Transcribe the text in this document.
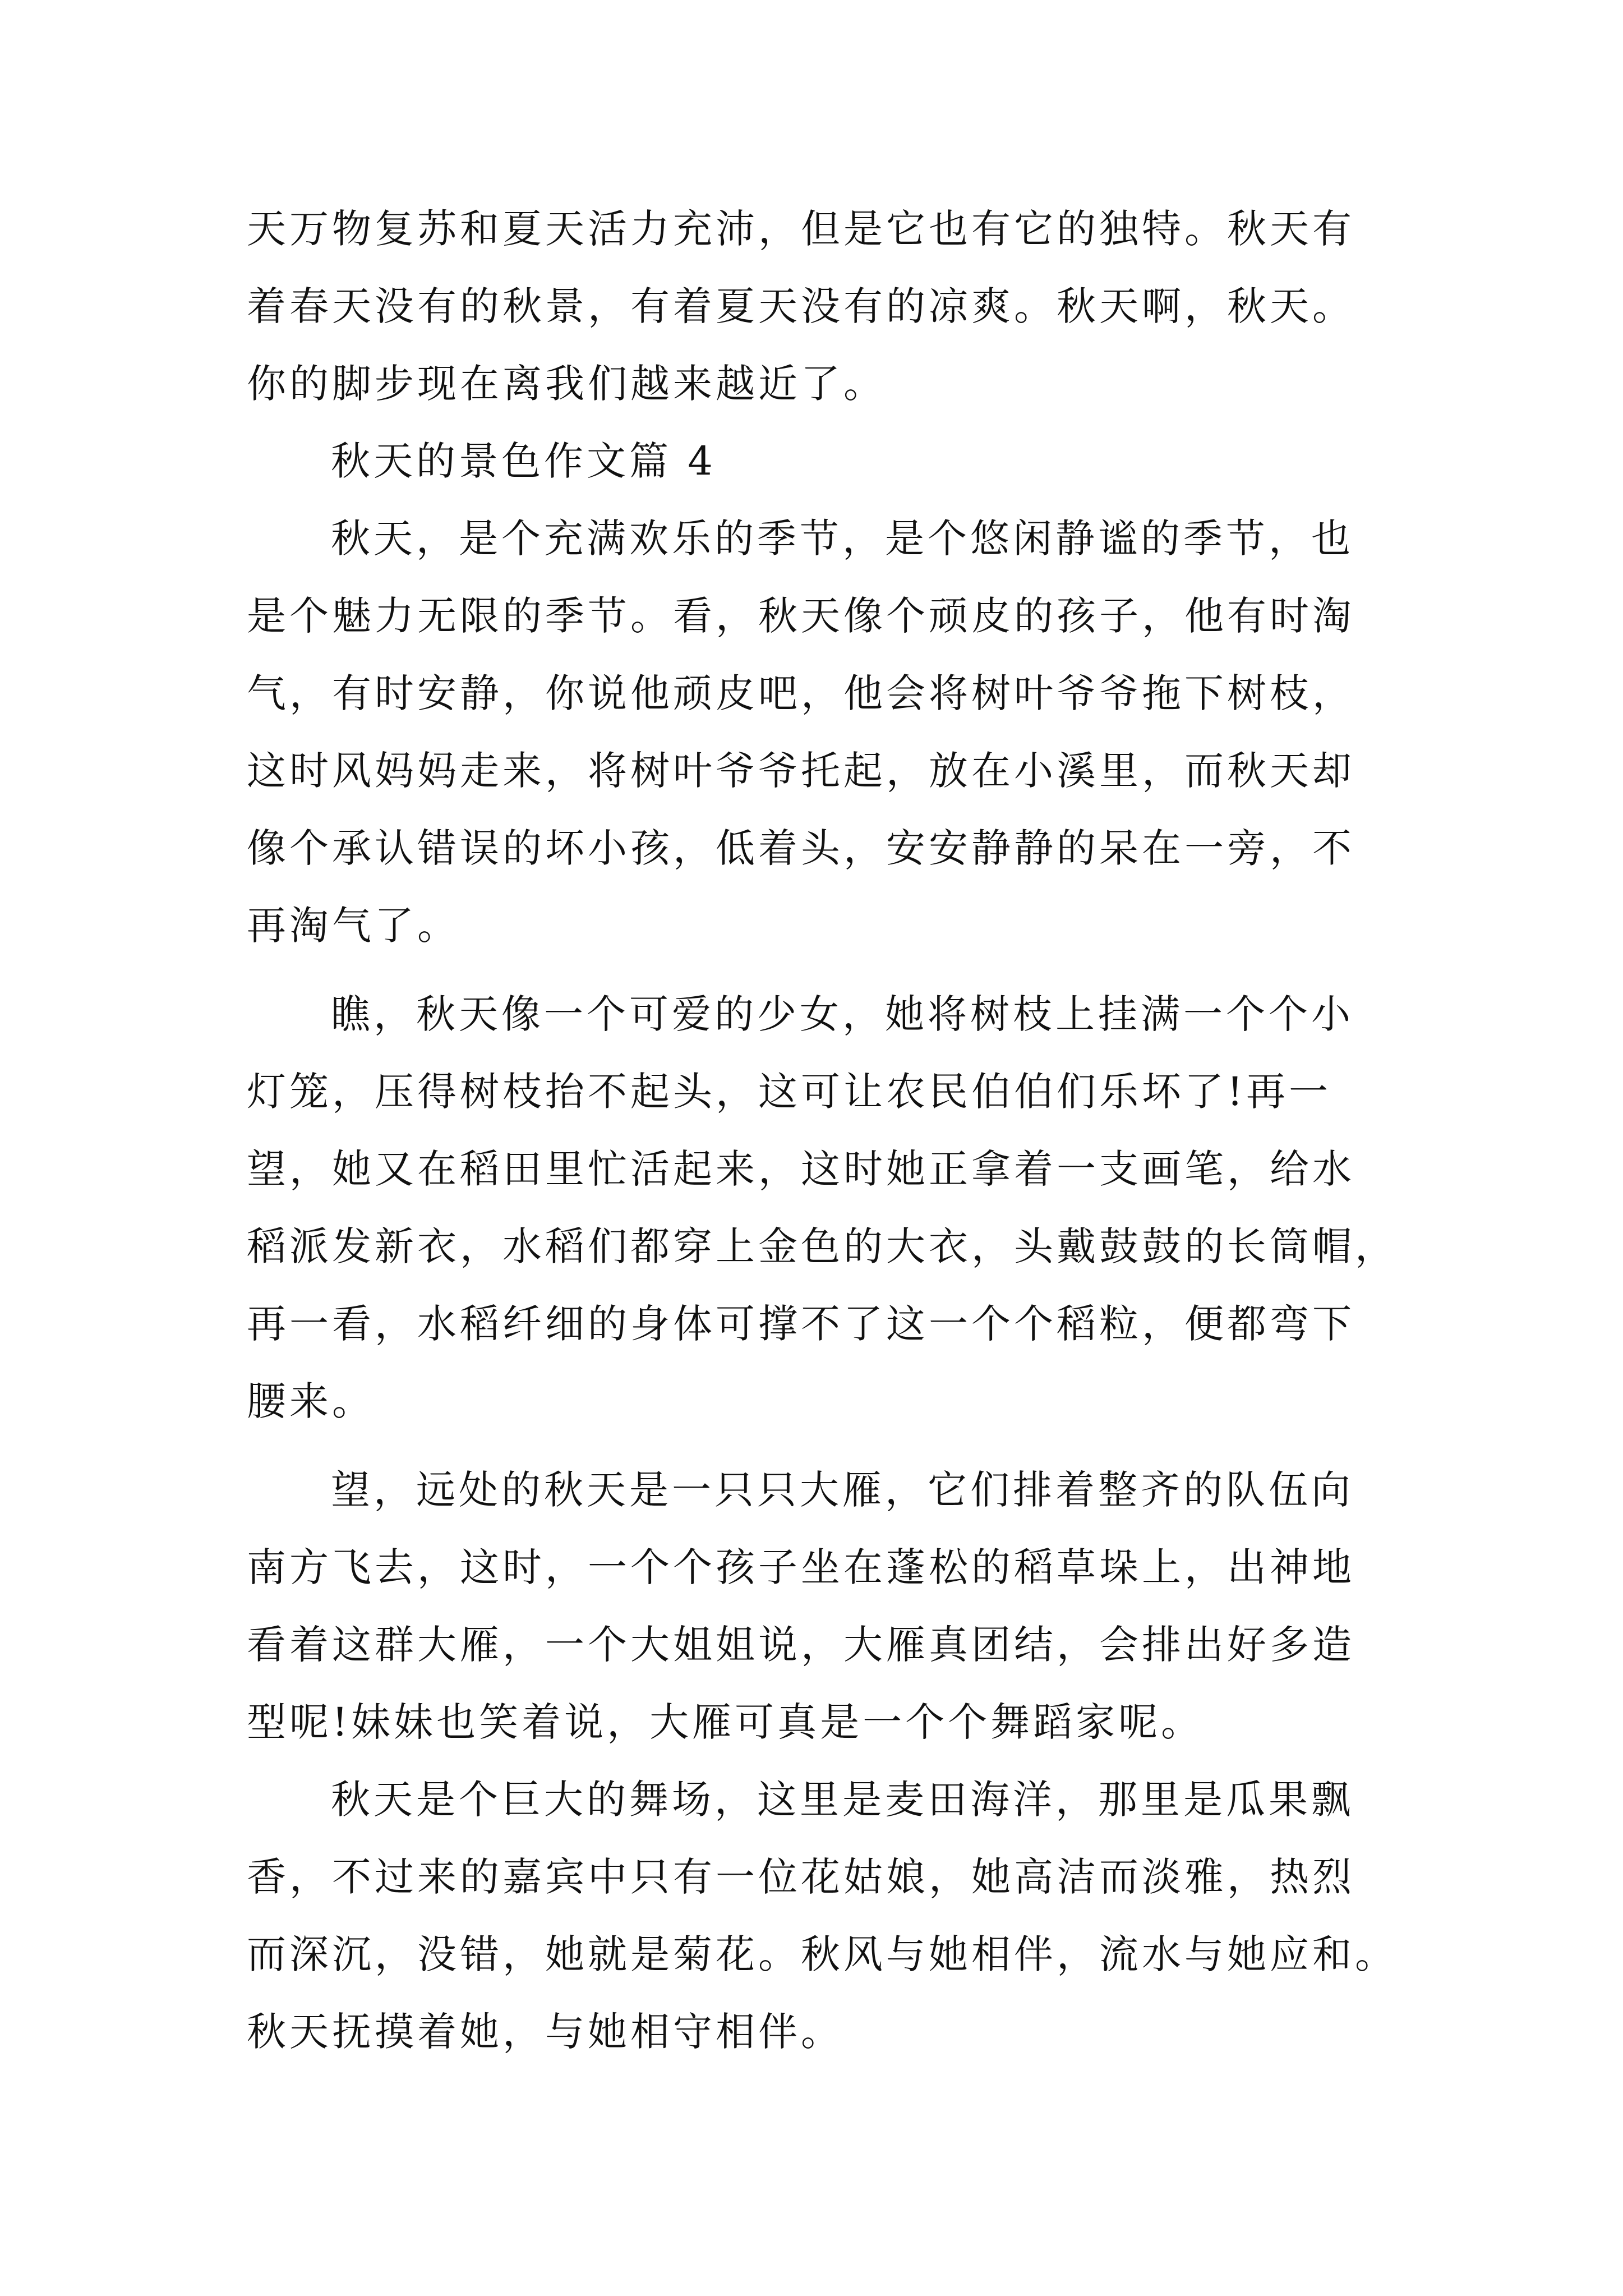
天万物复苏和夏天活力充沛，但是它也有它的独特。秋天有
着春天没有的秋景，有着夏天没有的凉爽。秋天啊，秋天。
你的脚步现在离我们越来越近了。
秋天的景色作文篇 4
秋天，是个充满欢乐的季节，是个悠闲静谧的季节，也
是个魅力无限的季节。看，秋天像个顽皮的孩子，他有时淘
气，有时安静，你说他顽皮吧，他会将树叶爷爷拖下树枝，
这时风妈妈走来，将树叶爷爷托起，放在小溪里，而秋天却
像个承认错误的坏小孩，低着头，安安静静的呆在一旁，不
再淘气了。
瞧，秋天像一个可爱的少女，她将树枝上挂满一个个小
灯笼，压得树枝抬不起头，这可让农民伯伯们乐坏了!再一
望，她又在稻田里忙活起来，这时她正拿着一支画笔，给水
稻派发新衣，水稻们都穿上金色的大衣，头戴鼓鼓的长筒帽，
再一看，水稻纤细的身体可撑不了这一个个稻粒，便都弯下
腰来。
望，远处的秋天是一只只大雁，它们排着整齐的队伍向
南方飞去，这时，一个个孩子坐在蓬松的稻草垛上，出神地
看着这群大雁，一个大姐姐说，大雁真团结，会排出好多造
型呢!妹妹也笑着说，大雁可真是一个个舞蹈家呢。
秋天是个巨大的舞场，这里是麦田海洋，那里是瓜果飘
香，不过来的嘉宾中只有一位花姑娘，她高洁而淡雅，热烈
而深沉，没错，她就是菊花。秋风与她相伴，流水与她应和。
秋天抚摸着她，与她相守相伴。
